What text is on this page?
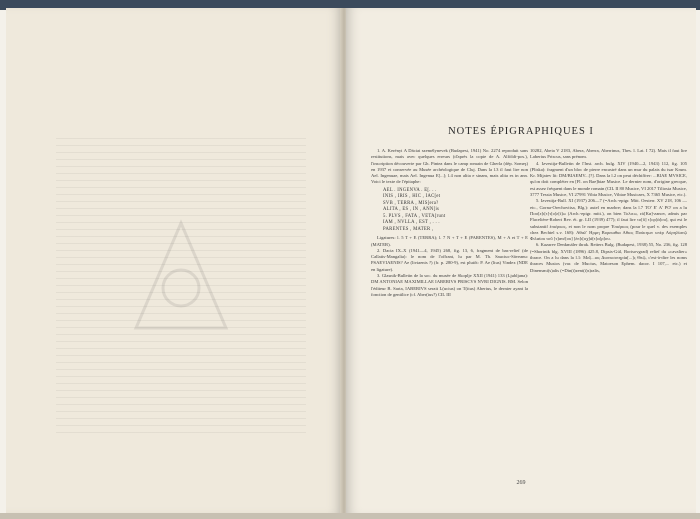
NOTES ÉPIGRAPHIQUES I

1. A. Kerényi A Dáciai személynevek (Budapest, 1941) No. 2274 reproduit sans restitutions, mais avec quelques erreurs (d'après la copie de A. Alföldi-pos.), l'inscription découverte par Gh. Pintea dans le camp romain de Gherla (dép. Someş) en 1937 et conservée au Musée archéologique de Cluj. Dans la l.3 il faut lire non Ael. Ingenuae, mais Ael. Ingenua E[...]; l.4 non alita e sinam, mais alita es in ann. Voici le texte de l'épitaphe:

AEL . INGENVA . E[. . .
INIS , IRIS , HIC , IAC[et
SVB , TERRA , MIS[era?
ALITA , ES , IN , ANN[is
5. PLVS , FATA , VETA[runt
IAM , NVLLA , EST , . . .
PARENTES , MATER ,

Ligatures: l. 5 T + E (TERRA); l. 7 N + T + E (PARENTES), M + A et T + E (MATER).

2. Dacia IX–X (1941—4, 1945) 268, fig. 13, 6, fragment de bas-relief (de Callatis-Mangalia): le nom de l'offrant, lu par M. Th. Sauciuc-Săveanu: PSAEVIAENIS? Ae (liviaenis ?) (fr. p. 280-9), est plutôt: P. Ae (lius) Vindex (NDE en ligature).

3. Glasnik-Bulletin de la soc. du musée de Skoplje XXII (1941) 133 (Ljubljana): DM ANTONIAE MAXIMILLAE IABERIVS PRISCVS NVRI DIGNIS. BM. Selon l'éditeur B. Saria, IABERIVS serait L(ucius) on T(itus) Aberius, le dernier ayant la fonction de gentilice (cf. Aber(ius?) CIL III

10282, Abeia V 2183, Abera, Aberra, Aberrinus, Thes. l. Lat. I 72). Mais il faut lire Laberius Priscus, sans prénom.

4. Izvestija-Bulletin de l'Inst. arch. bulg. XIV (1940—2, 1943) 112, fig. 105 (Pliska): fragment d'un bloc de pierre encastré dans un mur du palais du tsar Krum. Kr. Mijatev lit: DΜ/ΒΙΑΕΜV...[?]. Dans la l.2 on peut déchiffrer: ...BIAE MVSICE, qu'on doit compléter en [Fl. on Bae]biae Musice. Le dernier nom, d'origine grecque, est assez fréquent dans le monde romain (CIL II 80 Musice, VI 2017 Tiliosia Musice, 3777 Tessia Musice, VI 27991 Vibia Musice, Vibiae Musicaes, X 7365 Musice, etc.).

5. Izvestija-Bull. XI (1937) 206—7 (=Arch.-epigr. Mitt. Oesterr. XV 218, 106 — etc., Gorna-Orechovitsa, Blg.): autel en marbre; dans la l.7 TO' E' A' PO' on a lu Ποσ[ε]ι[τ]τ[ο]ε[ί]ω (Arch.-epigr. mitt.), on bien Τολιτω, εὐ[Κα]-zanov, admis par Flacelière-Robert Rev. ét. gr. LII (1939) 477); il faut lire το[ῦ] τ[ορ]ά[ου], qui est le substantif ἐπιέρκος, et non le nom propre Ἐπιέρκος (pour le quel v. des exemples chez Bechtel s.v. 168): Αθαλ' Ηρμη Βορειαθια Αθιος Πούκηων υπὲρ Αὐρηλίανῷ Φιλαίου τοῦ [τ]ανέ[ου] [ἐπ]ι[σχ]ά[τ]α[ρ]ου.

6. Kazarev Denkmäler thrak. Reiters Bulg. (Budapest, 1938) 55, No. 236, fig. 128 (=Shorinik blg. XVIII (1896) 425.8, Dipsis-Gül, Borisovgrad) relief du «cavalier» thrace. On a lu dans la l.1: Μεξ...ιος Διονυσοτηρία[...]ς Θεῷ, c'est-à-dire les noms thraces Musios (var. de Mucius, Matoeson Ephem. dacor. I 107,... etc.) et Dinensmi(s)alis (=Din(i)zent(i)s)ralis,

269
